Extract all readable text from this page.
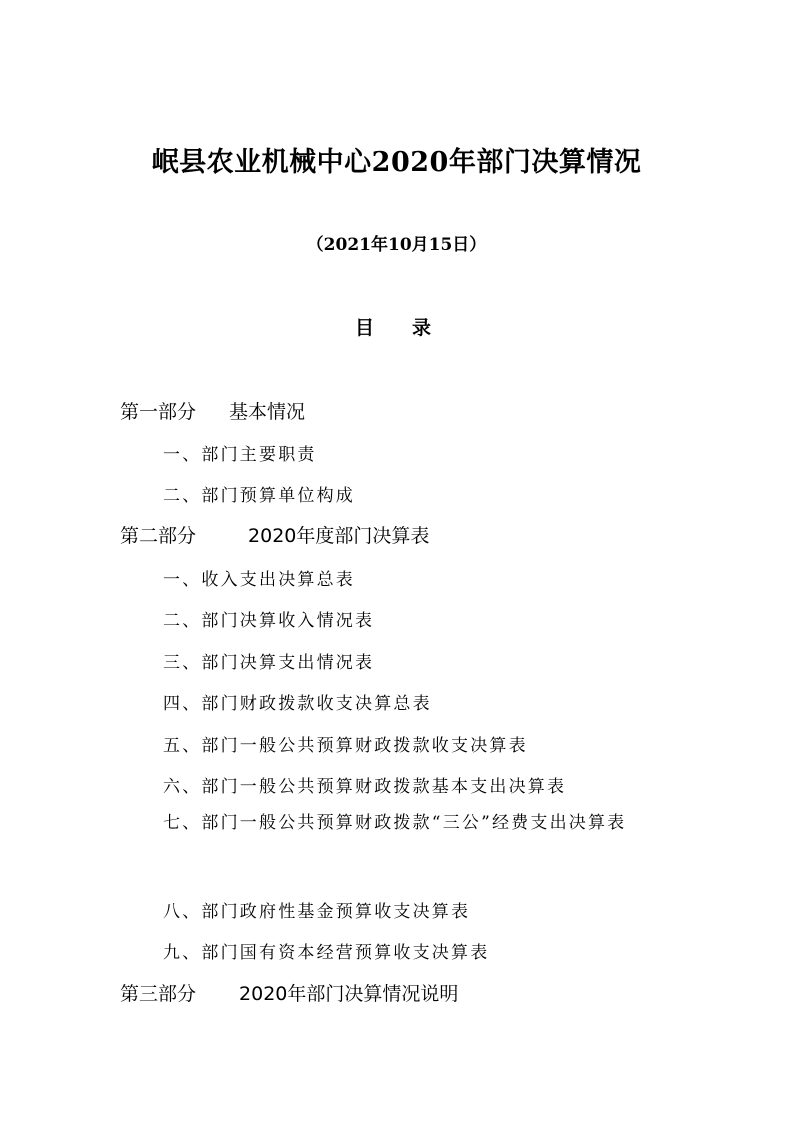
岷县农业机械中心2020年部门决算情况
（2021年10月15日）
目 录
第一部分 基本情况
一、部门主要职责
二、部门预算单位构成
第二部分	2020年度部门决算表
一、收入支出决算总表
二、部门决算收入情况表
三、部门决算支出情况表
四、部门财政拨款收支决算总表
五、部门一般公共预算财政拨款收支决算表
六、部门一般公共预算财政拨款基本支出决算表
七、部门一般公共预算财政拨款“三公”经费支出决算表
八、部门政府性基金预算收支决算表
九、部门国有资本经营预算收支决算表
第三部分 2020年部门决算情况说明
